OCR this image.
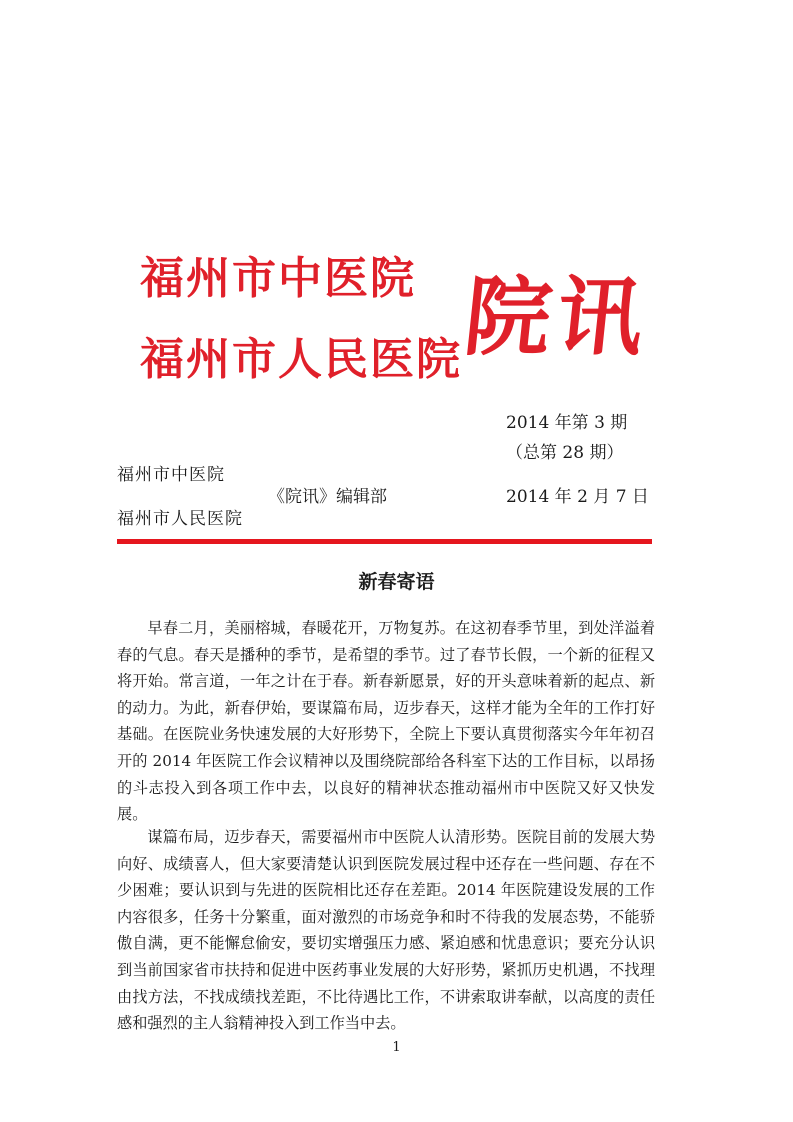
福州市中医院
福州市人民医院
院讯
2014 年第 3 期
（总第 28 期）
福州市中医院
《院讯》编辑部	2014 年 2 月 7 日
福州市人民医院
新春寄语

早春二月，美丽榕城，春暖花开，万物复苏。在这初春季节里，到处洋溢着春的气息。春天是播种的季节，是希望的季节。过了春节长假，一个新的征程又将开始。常言道，一年之计在于春。新春新愿景，好的开头意味着新的起点、新的动力。为此，新春伊始，要谋篇布局，迈步春天，这样才能为全年的工作打好基础。在医院业务快速发展的大好形势下，全院上下要认真贯彻落实今年年初召开的 2014 年医院工作会议精神以及围绕院部给各科室下达的工作目标，以昂扬的斗志投入到各项工作中去，以良好的精神状态推动福州市中医院又好又快发展。

谋篇布局，迈步春天，需要福州市中医院人认清形势。医院目前的发展大势向好、成绩喜人，但大家要清楚认识到医院发展过程中还存在一些问题、存在不少困难；要认识到与先进的医院相比还存在差距。2014 年医院建设发展的工作内容很多，任务十分繁重，面对激烈的市场竞争和时不待我的发展态势，不能骄傲自满，更不能懈怠偷安，要切实增强压力感、紧迫感和忧患意识；要充分认识到当前国家省市扶持和促进中医药事业发展的大好形势，紧抓历史机遇，不找理由找方法，不找成绩找差距，不比待遇比工作，不讲索取讲奉献，以高度的责任感和强烈的主人翁精神投入到工作当中去。

1
